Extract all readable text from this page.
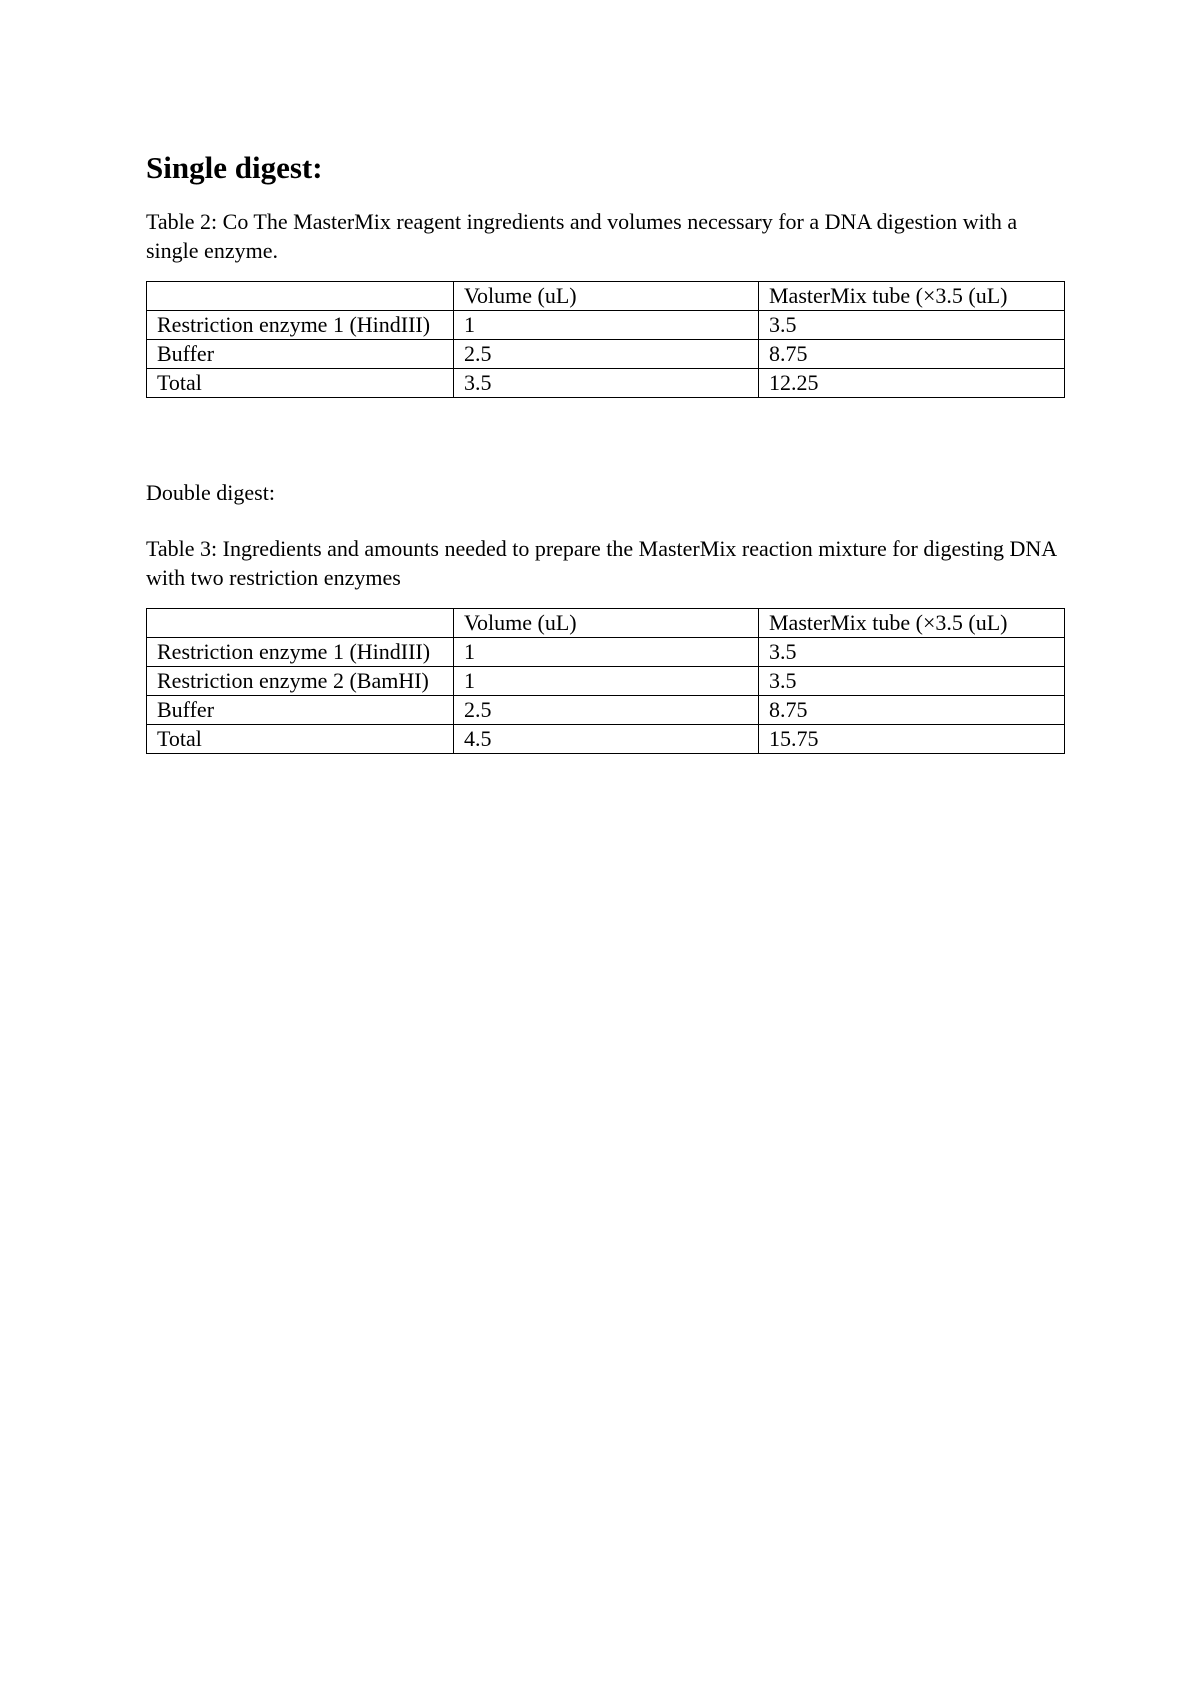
Single digest:

Table 2: Co The MasterMix reagent ingredients and volumes necessary for a DNA digestion with a single enzyme.

	Volume (uL)	MasterMix tube (×3.5 (uL)
Restriction enzyme 1 (HindIII)	1	3.5
Buffer	2.5	8.75
Total	3.5	12.25

Double digest:

Table 3: Ingredients and amounts needed to prepare the MasterMix reaction mixture for digesting DNA with two restriction enzymes

	Volume (uL)	MasterMix tube (×3.5 (uL)
Restriction enzyme 1 (HindIII)	1	3.5
Restriction enzyme 2 (BamHI)	1	3.5
Buffer	2.5	8.75
Total	4.5	15.75
